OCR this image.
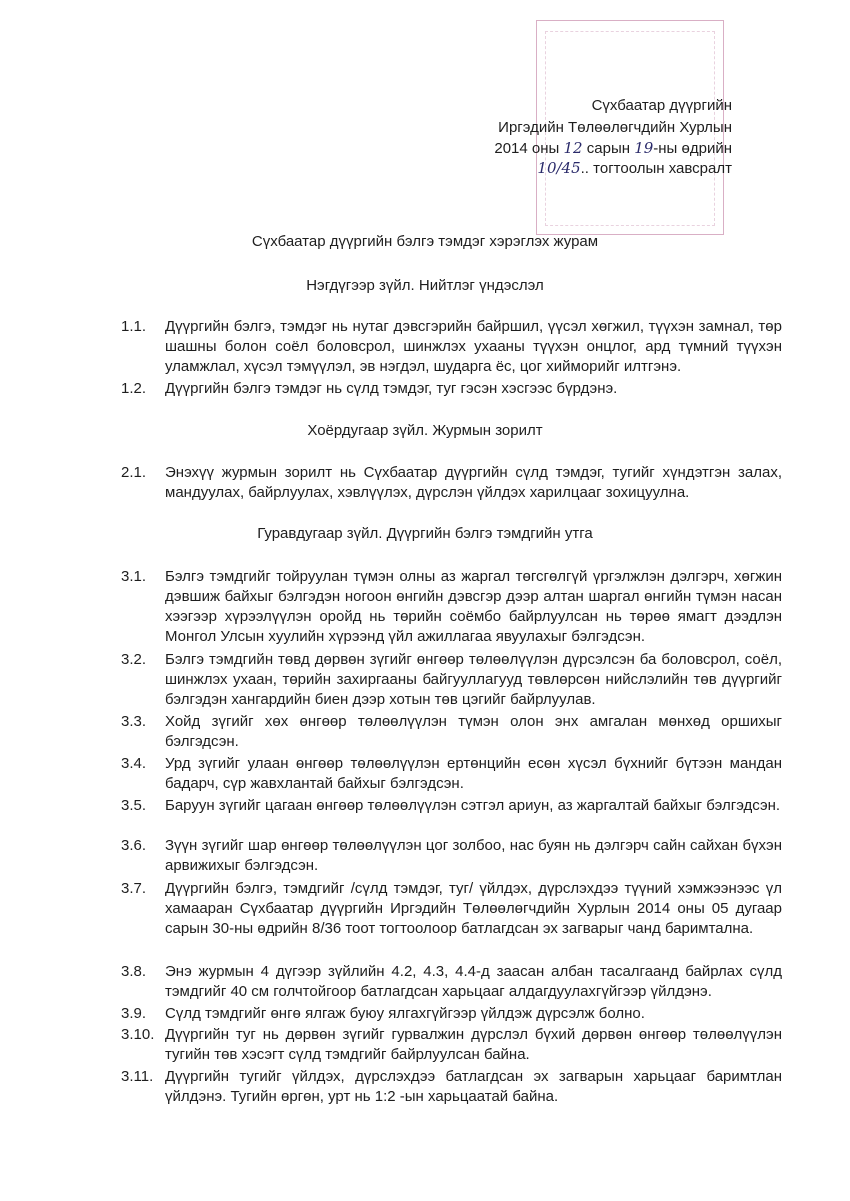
Сүхбаатар дүүргийн
Иргэдийн Төлөөлөгчдийн Хурлын
2014 оны 12 сарын 19-ны өдрийн
10/45.. тогтоолын хавсралт
Сүхбаатар дүүргийн бэлгэ тэмдэг хэрэглэх журам
Нэгдүгээр зүйл. Нийтлэг үндэслэл
1.1. Дүүргийн бэлгэ, тэмдэг нь нутаг дэвсгэрийн байршил, үүсэл хөгжил, түүхэн замнал, төр шашны болон соёл боловсрол, шинжлэх ухааны түүхэн онцлог, ард түмний түүхэн уламжлал, хүсэл тэмүүлэл, эв нэгдэл, шударга ёс, цог хийморийг илтгэнэ.
1.2. Дүүргийн бэлгэ тэмдэг нь сүлд тэмдэг, туг гэсэн хэсгээс бүрдэнэ.
Хоёрдугаар зүйл. Журмын зорилт
2.1. Энэхүү журмын зорилт нь Сүхбаатар дүүргийн сүлд тэмдэг, тугийг хүндэтгэн залах, мандуулах, байрлуулах, хэвлүүлэх, дүрслэн үйлдэх харилцааг зохицуулна.
Гуравдугаар зүйл. Дүүргийн бэлгэ тэмдгийн утга
3.1. Бэлгэ тэмдгийг тойруулан түмэн олны аз жаргал төгсгөлгүй үргэлжлэн дэлгэрч, хөгжин дэвшиж байхыг бэлгэдэн ногоон өнгийн дэвсгэр дээр алтан шаргал өнгийн түмэн насан хээгээр хүрээлүүлэн оройд нь төрийн соёмбо байрлуулсан нь төрөө ямагт дээдлэн Монгол Улсын хуулийн хүрээнд үйл ажиллагаа явуулахыг бэлгэдсэн.
3.2. Бэлгэ тэмдгийн төвд дөрвөн зүгийг өнгөөр төлөөлүүлэн дүрсэлсэн ба боловсрол, соёл, шинжлэх ухаан, төрийн захиргааны байгууллагууд төвлөрсөн нийслэлийн төв дүүргийг бэлгэдэн хангардийн биен дээр хотын төв цэгийг байрлуулав.
3.3. Хойд зүгийг хөх өнгөөр төлөөлүүлэн түмэн олон энх амгалан мөнхөд оршихыг бэлгэдсэн.
3.4. Урд зүгийг улаан өнгөөр төлөөлүүлэн ертөнцийн есөн хүсэл бүхнийг бүтээн мандан бадарч, сүр жавхлантай байхыг бэлгэдсэн.
3.5. Баруун зүгийг цагаан өнгөөр төлөөлүүлэн сэтгэл ариун, аз жаргалтай байхыг бэлгэдсэн.
3.6. Зүүн зүгийг шар өнгөөр төлөөлүүлэн цог золбоо, нас буян нь дэлгэрч сайн сайхан бүхэн арвижихыг бэлгэдсэн.
3.7. Дүүргийн бэлгэ, тэмдгийг /сүлд тэмдэг, туг/ үйлдэх, дүрслэхдээ түүний хэмжээнээс үл хамааран Сүхбаатар дүүргийн Иргэдийн Төлөөлөгчдийн Хурлын 2014 оны 05 дугаар сарын 30-ны өдрийн 8/36 тоот тогтоолоор батлагдсан эх загварыг чанд баримтална.
3.8. Энэ журмын 4 дүгээр зүйлийн 4.2, 4.3, 4.4-д заасан албан тасалгаанд байрлах сүлд тэмдгийг 40 см голчтойгоор батлагдсан харьцааг алдагдуулахгүйгээр үйлдэнэ.
3.9. Сүлд тэмдгийг өнгө ялгаж буюу ялгахгүйгээр үйлдэж дүрсэлж болно.
3.10. Дүүргийн туг нь дөрвөн зүгийг гурвалжин дүрслэл бүхий дөрвөн өнгөөр төлөөлүүлэн тугийн төв хэсэгт сүлд тэмдгийг байрлуулсан байна.
3.11. Дүүргийн тугийг үйлдэх, дүрслэхдээ батлагдсан эх загварын харьцааг баримтлан үйлдэнэ. Тугийн өргөн, урт нь 1:2 -ын харьцаатай байна.
